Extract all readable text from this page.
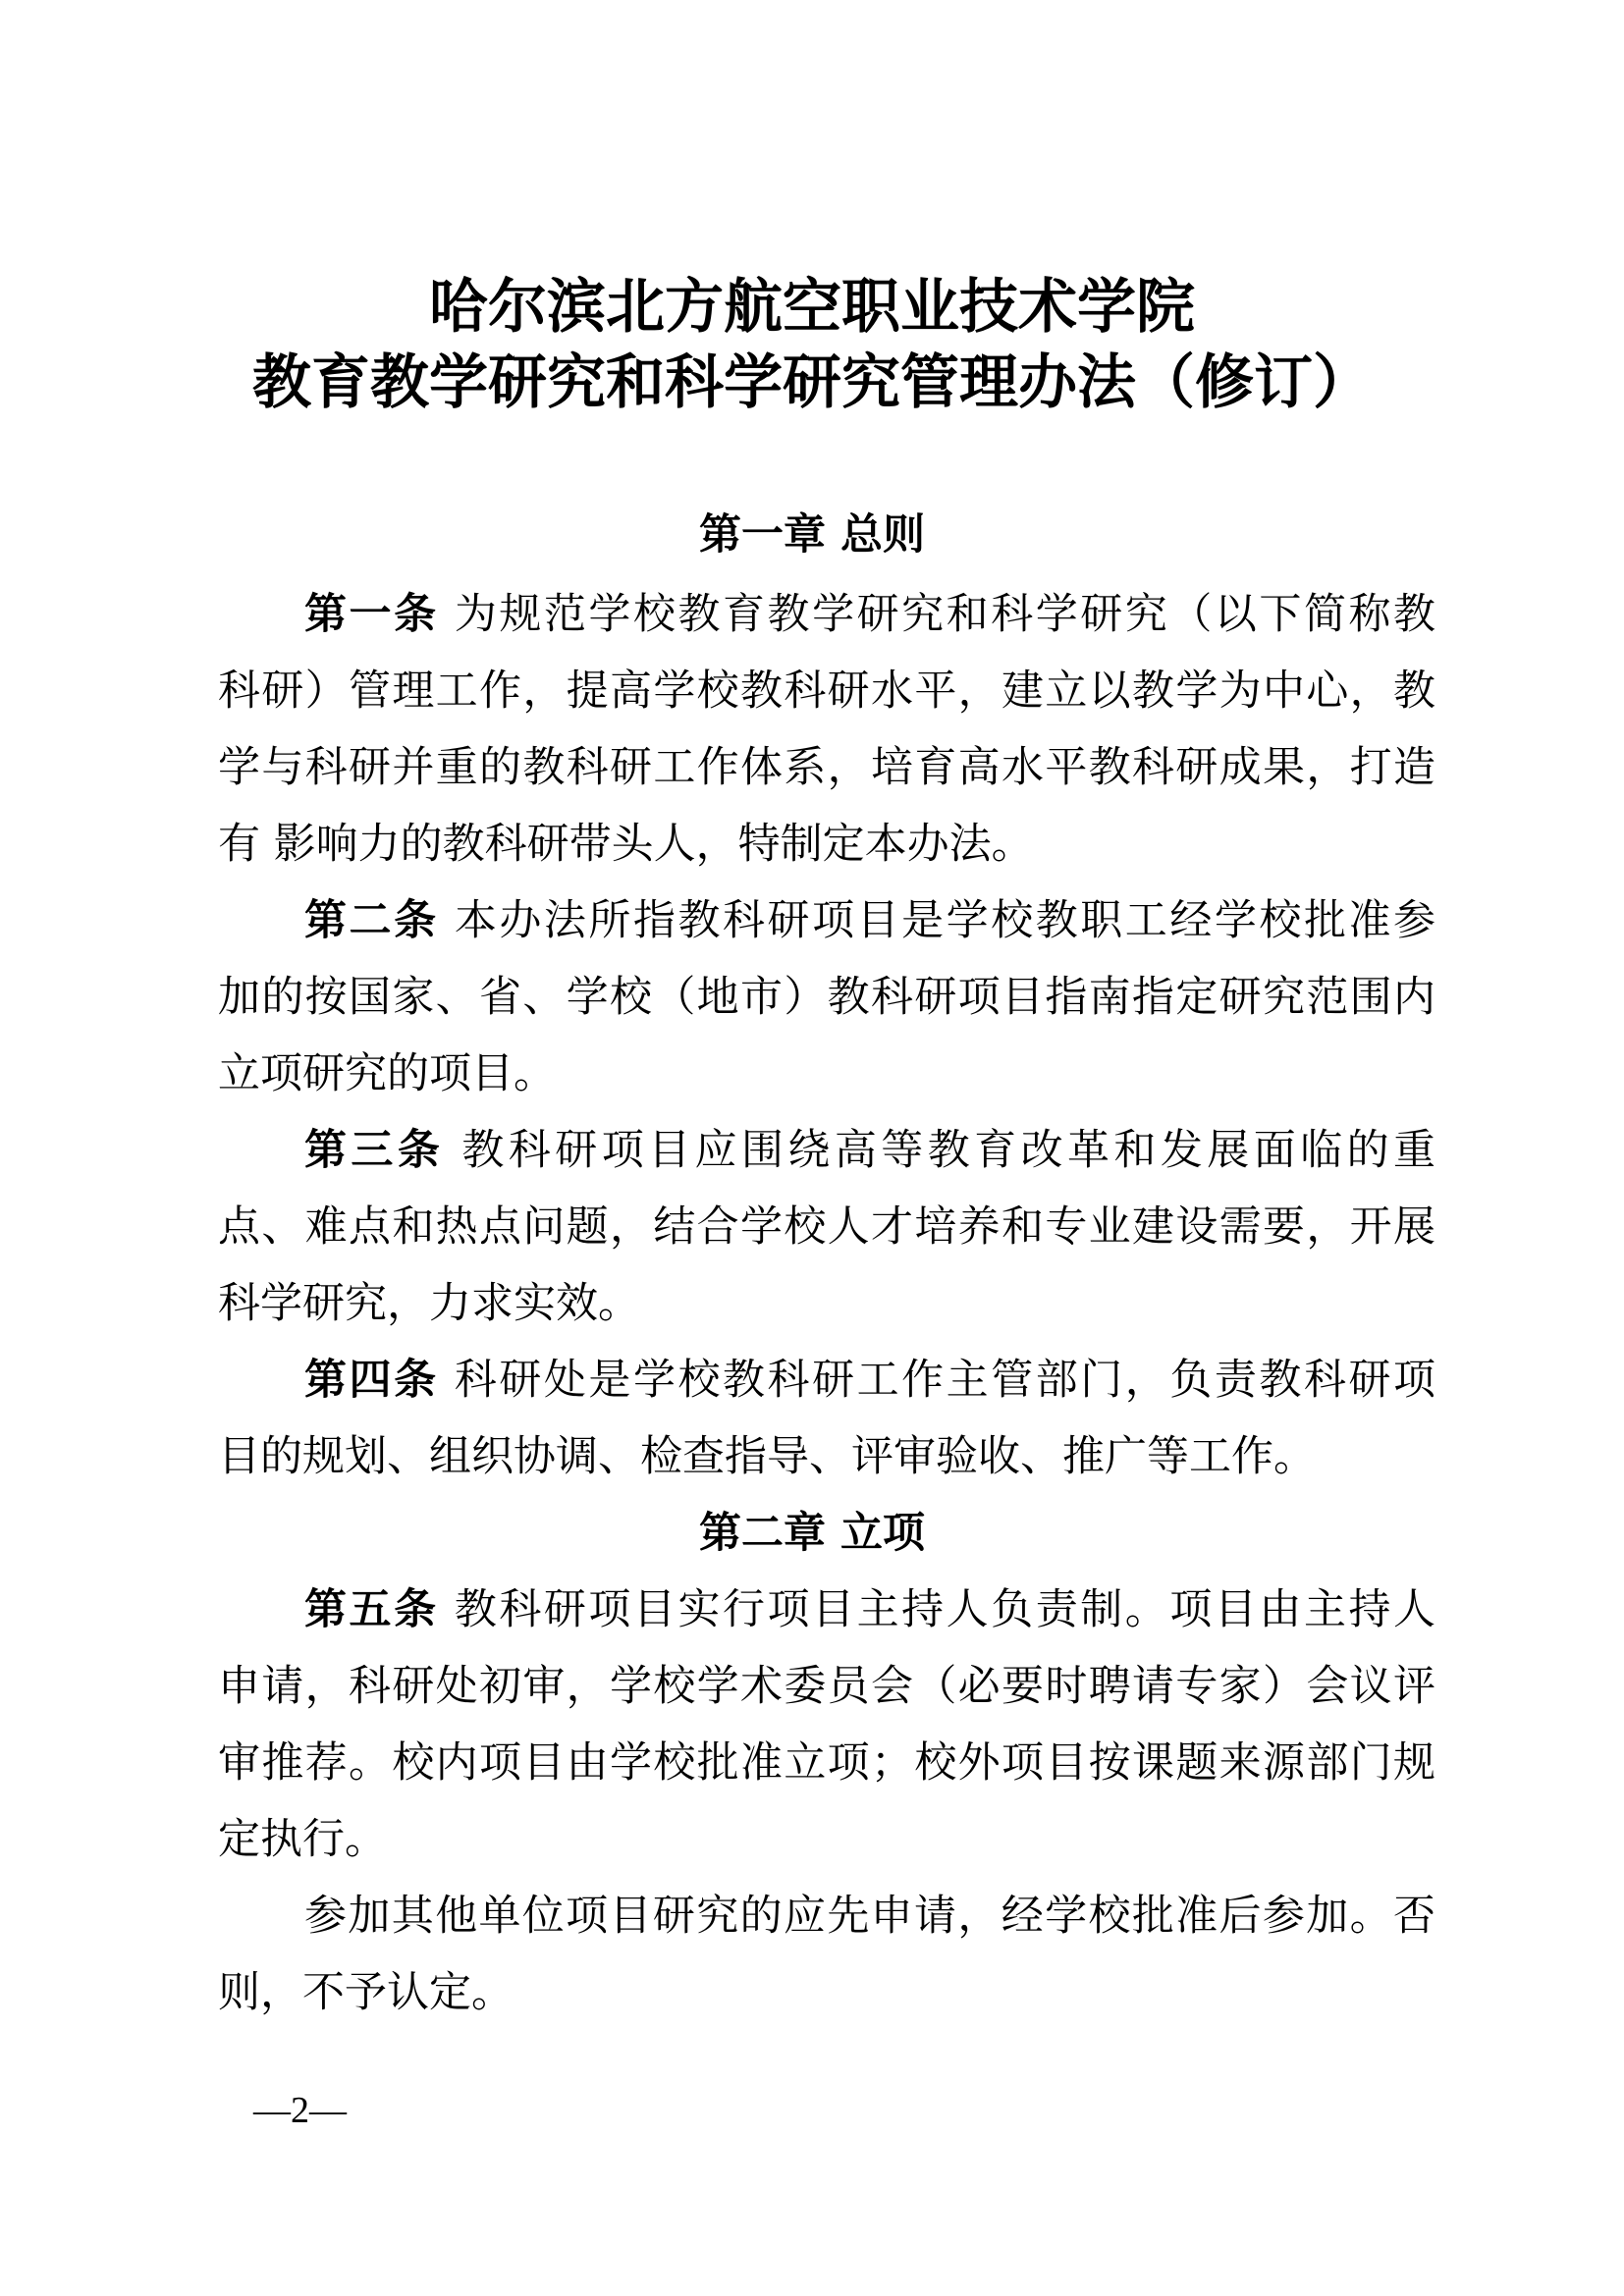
哈尔滨北方航空职业技术学院
教育教学研究和科学研究管理办法（修订）
第一章 总则
第一条 为规范学校教育教学研究和科学研究（以下简称教
科研）管理工作，提高学校教科研水平，建立以教学为中心，教
学与科研并重的教科研工作体系，培育高水平教科研成果，打造
有 影响力的教科研带头人，特制定本办法。
第二条 本办法所指教科研项目是学校教职工经学校批准参
加的按国家、省、学校（地市）教科研项目指南指定研究范围内
立项研究的项目。
第三条 教科研项目应围绕高等教育改革和发展面临的重
点、难点和热点问题，结合学校人才培养和专业建设需要，开展
科学研究，力求实效。
第四条 科研处是学校教科研工作主管部门，负责教科研项
目的规划、组织协调、检查指导、评审验收、推广等工作。
第二章 立项
第五条 教科研项目实行项目主持人负责制。项目由主持人
申请，科研处初审，学校学术委员会（必要时聘请专家）会议评
审推荐。校内项目由学校批准立项；校外项目按课题来源部门规
定执行。
参加其他单位项目研究的应先申请，经学校批准后参加。否
则，不予认定。
—2—
